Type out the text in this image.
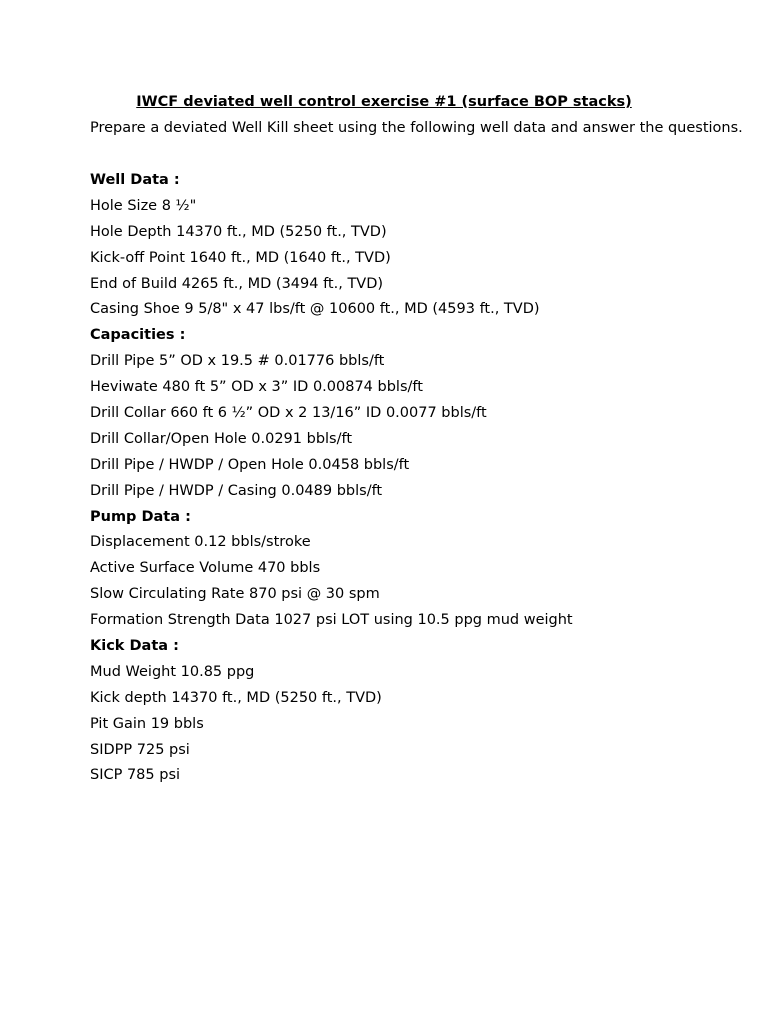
IWCF deviated well control exercise #1 (surface BOP stacks)
Prepare a deviated Well Kill sheet using the following well data and answer the questions.
Well Data :
Hole Size 8 ½"
Hole Depth 14370 ft., MD (5250 ft., TVD)
Kick-off Point 1640 ft., MD (1640 ft., TVD)
End of Build 4265 ft., MD (3494 ft., TVD)
Casing Shoe 9 5/8" x 47 lbs/ft @ 10600 ft., MD (4593 ft., TVD)
Capacities :
Drill Pipe 5” OD x 19.5 # 0.01776 bbls/ft
Heviwate 480 ft 5” OD x 3” ID 0.00874 bbls/ft
Drill Collar 660 ft 6 ½” OD x 2 13/16” ID 0.0077 bbls/ft
Drill Collar/Open Hole 0.0291 bbls/ft
Drill Pipe / HWDP / Open Hole 0.0458 bbls/ft
Drill Pipe / HWDP / Casing 0.0489 bbls/ft
Pump Data :
Displacement 0.12 bbls/stroke
Active Surface Volume 470 bbls
Slow Circulating Rate 870 psi @ 30 spm
Formation Strength Data 1027 psi LOT using 10.5 ppg mud weight
Kick Data :
Mud Weight 10.85 ppg
Kick depth 14370 ft., MD (5250 ft., TVD)
Pit Gain 19 bbls
SIDPP 725 psi
SICP 785 psi
